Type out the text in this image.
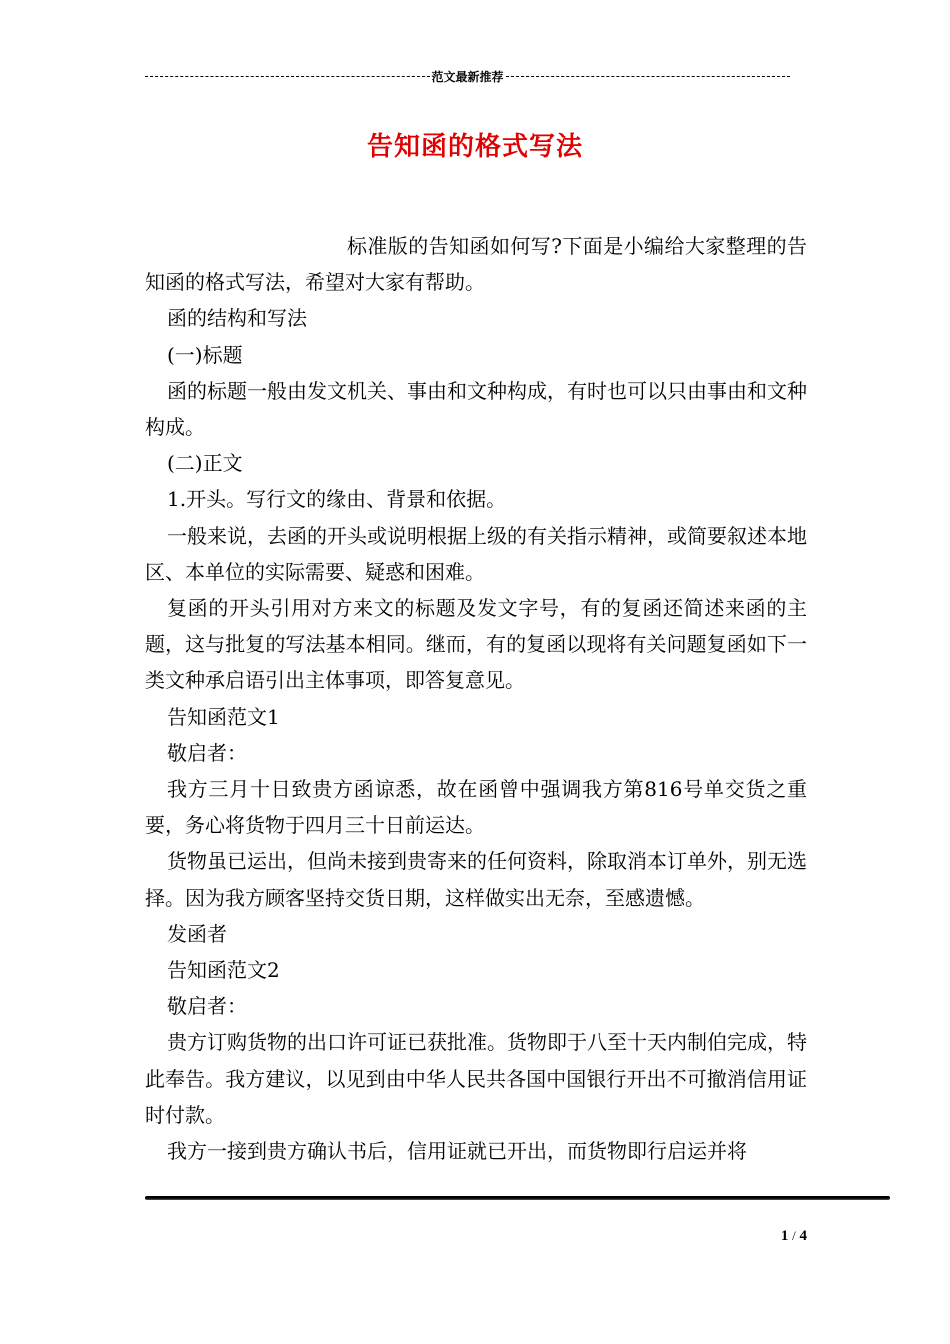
范文最新推荐
告知函的格式写法

标准版的告知函如何写?下面是小编给大家整理的告知函的格式写法，希望对大家有帮助。

函的结构和写法

(一)标题

函的标题一般由发文机关、事由和文种构成，有时也可以只由事由和文种构成。

(二)正文

1.开头。写行文的缘由、背景和依据。

一般来说，去函的开头或说明根据上级的有关指示精神，或简要叙述本地区、本单位的实际需要、疑惑和困难。

复函的开头引用对方来文的标题及发文字号，有的复函还简述来函的主题，这与批复的写法基本相同。继而，有的复函以现将有关问题复函如下一类文种承启语引出主体事项，即答复意见。

告知函范文1

敬启者：

我方三月十日致贵方函谅悉，故在函曾中强调我方第816号单交货之重要，务心将货物于四月三十日前运达。

货物虽已运出，但尚未接到贵寄来的任何资料，除取消本订单外，别无选择。因为我方顾客坚持交货日期，这样做实出无奈，至感遗憾。

发函者

告知函范文2

敬启者：

贵方订购货物的出口许可证已获批准。货物即于八至十天内制伯完成，特此奉告。我方建议，以见到由中华人民共各国中国银行开出不可撤消信用证时付款。

我方一接到贵方确认书后，信用证就已开出，而货物即行启运并将

1 / 4
